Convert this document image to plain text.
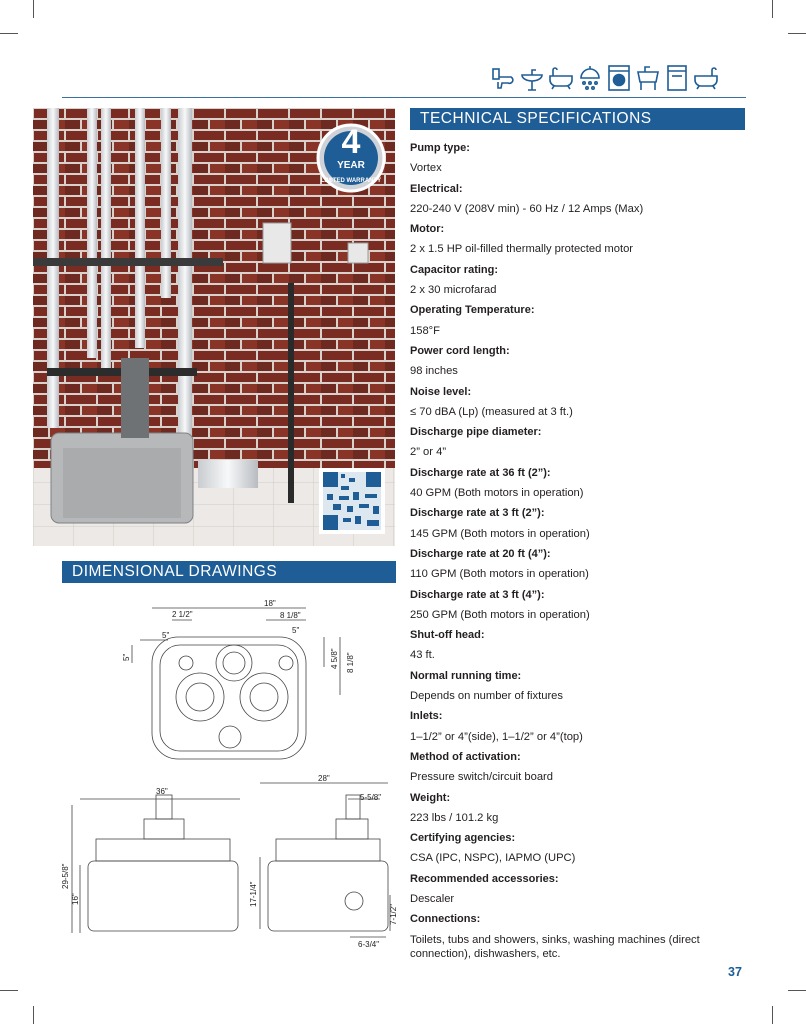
4
YEAR
LIMITED WARRANTY
TECHNICAL SPECIFICATIONS
DIMENSIONAL DRAWINGS
Pump type:
Vortex
Electrical:
220-240 V (208V min) - 60 Hz / 12 Amps (Max)
Motor:
2 x 1.5 HP oil-filled thermally protected motor
Capacitor rating:
2 x 30 microfarad
Operating Temperature:
158°F
Power cord length:
98 inches
Noise level:
≤ 70 dBA (Lp) (measured at 3 ft.)
Discharge pipe diameter:
2” or 4”
Discharge rate at 36 ft (2”):
40 GPM (Both motors in operation)
Discharge rate at 3 ft (2”):
145 GPM (Both motors in operation)
Discharge rate at 20 ft (4”):
110 GPM (Both motors in operation)
Discharge rate at 3 ft (4”):
250 GPM (Both motors in operation)
Shut-off head:
43 ft.
Normal running time:
Depends on number of fixtures
Inlets:
1–1/2” or 4”(side), 1–1/2” or 4”(top)
Method of activation:
Pressure switch/circuit board
Weight:
223 lbs / 101.2 kg
Certifying agencies:
CSA (IPC, NSPC), IAPMO (UPC)
Recommended accessories:
Descaler
Connections:
Toilets, tubs and showers, sinks, washing machines (direct connection), dishwashers, etc.
18"
2 1/2"	8 1/8"
5"
5"
5"	4 5/8" 8 1/8"
36"
29-5/8"
16"
28"
5-5/8"
17-1/4"
7-1/2"
6-3/4"
37
